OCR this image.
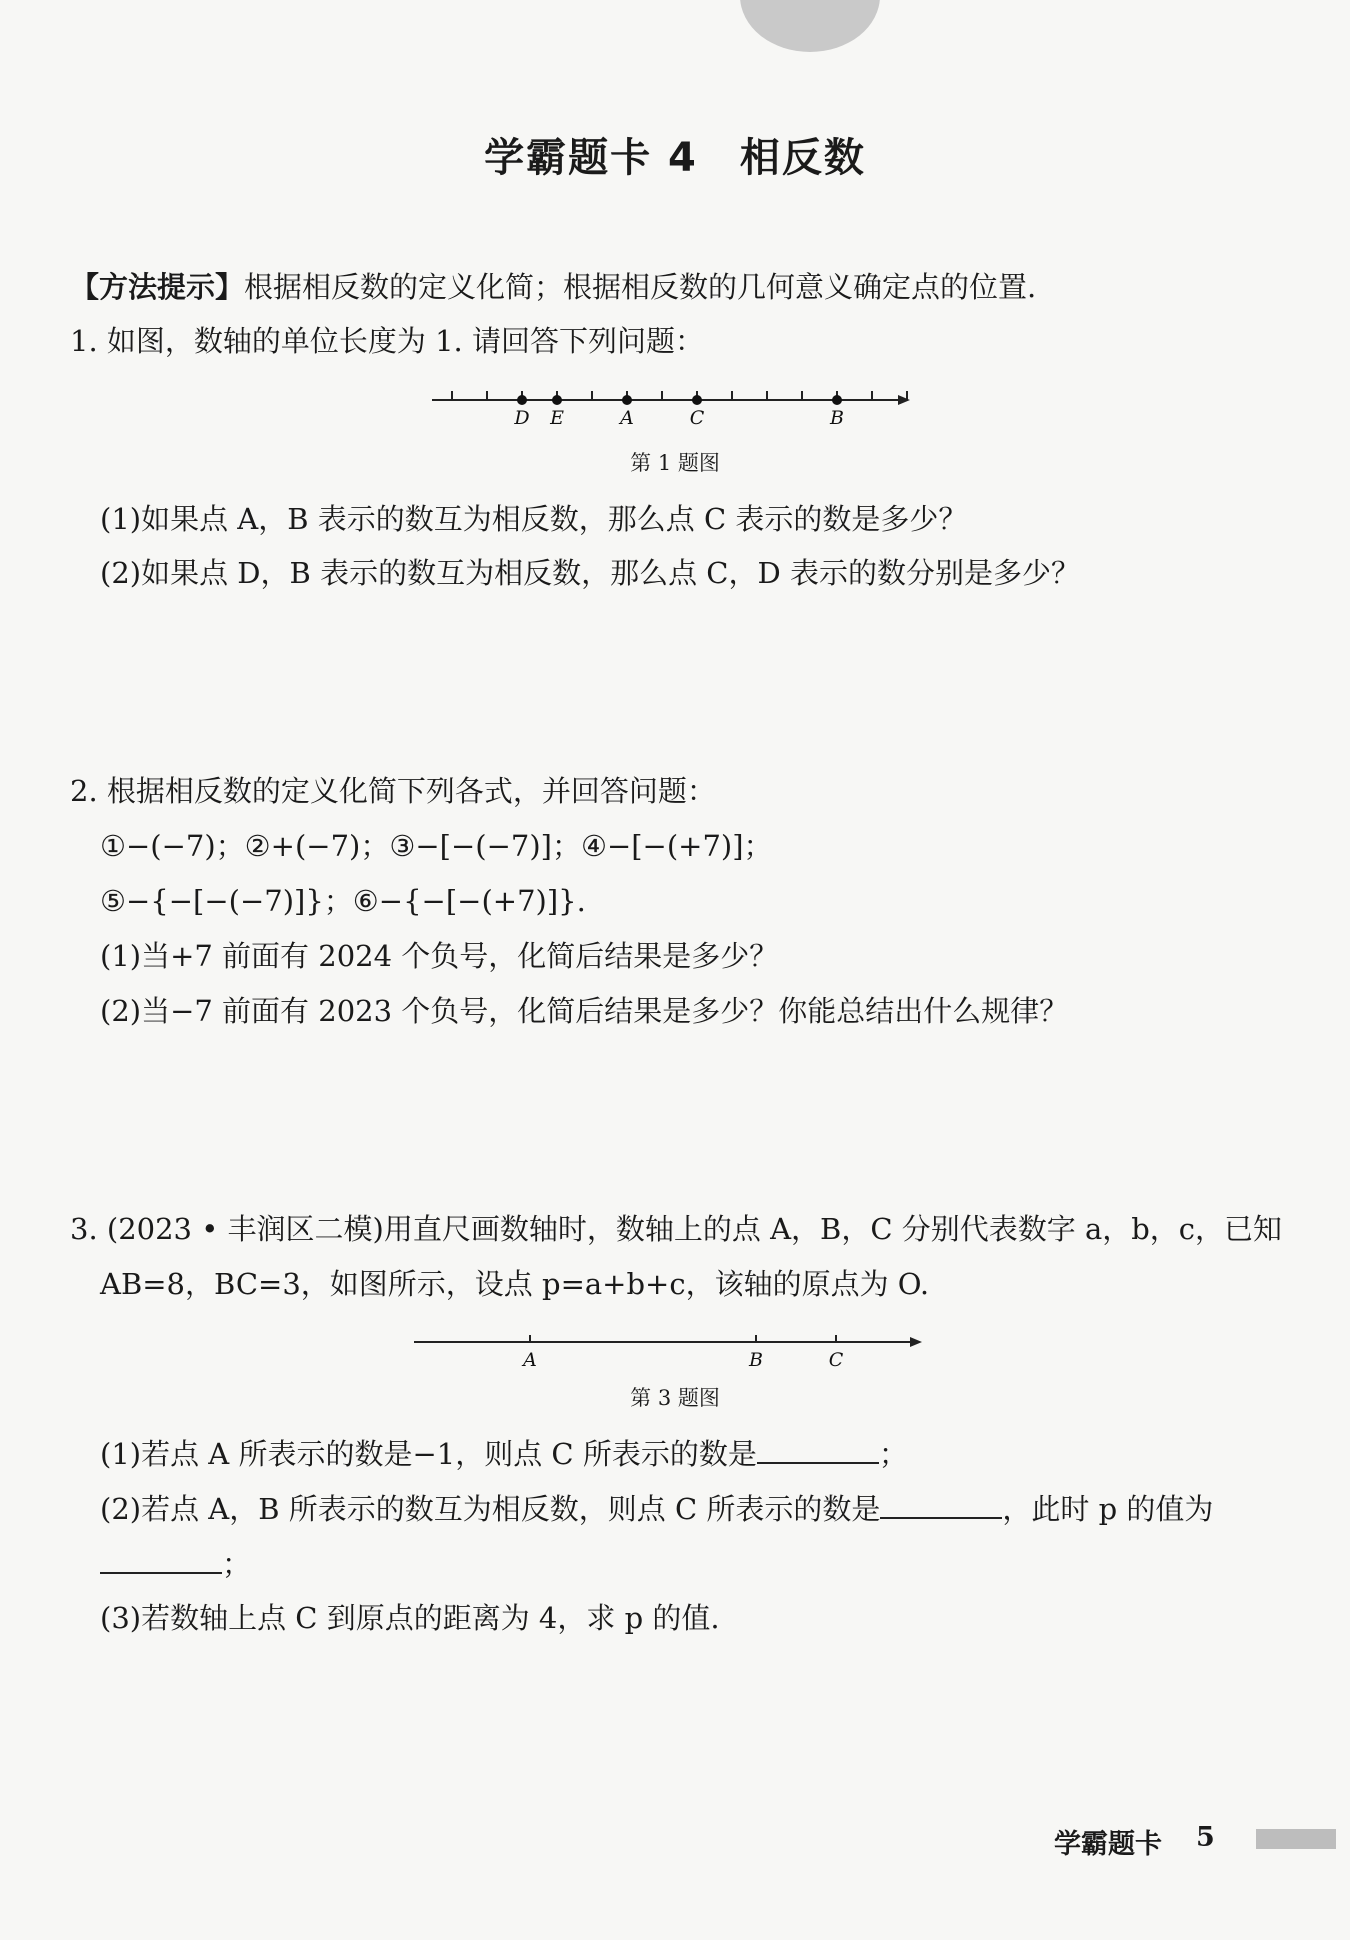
学霸题卡 4　相反数
【方法提示】根据相反数的定义化简；根据相反数的几何意义确定点的位置.
1. 如图，数轴的单位长度为 1. 请回答下列问题：
D E	A	C	B
第 1 题图
(1)如果点 A，B 表示的数互为相反数，那么点 C 表示的数是多少？
(2)如果点 D，B 表示的数互为相反数，那么点 C，D 表示的数分别是多少？
2. 根据相反数的定义化简下列各式，并回答问题：
①−(−7)；②+(−7)；③−[−(−7)]；④−[−(+7)]；
⑤−{−[−(−7)]}；⑥−{−[−(+7)]}.
(1)当+7 前面有 2024 个负号，化简后结果是多少？
(2)当−7 前面有 2023 个负号，化简后结果是多少？你能总结出什么规律？
3. (2023 • 丰润区二模)用直尺画数轴时，数轴上的点 A，B，C 分别代表数字 a，b，c，已知
AB=8，BC=3，如图所示，设点 p=a+b+c，该轴的原点为 O.
A	B	C
第 3 题图
(1)若点 A 所表示的数是−1，则点 C 所表示的数是	；
(2)若点 A，B 所表示的数互为相反数，则点 C 所表示的数是	，此时 p 的值为
；
(3)若数轴上点 C 到原点的距离为 4，求 p 的值.
学霸题卡 5
